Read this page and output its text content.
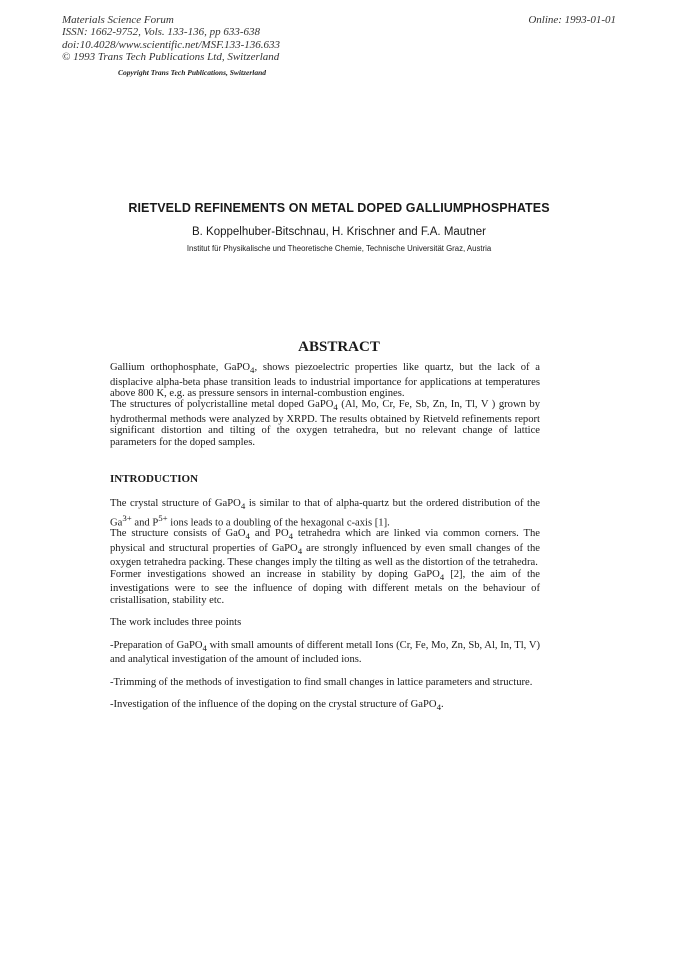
Materials Science Forum
ISSN: 1662-9752, Vols. 133-136, pp 633-638
doi:10.4028/www.scientific.net/MSF.133-136.633
© 1993 Trans Tech Publications Ltd, Switzerland
Online: 1993-01-01
Copyright Trans Tech Publications, Switzerland
RIETVELD REFINEMENTS ON METAL DOPED GALLIUMPHOSPHATES
B. Koppelhuber-Bitschnau, H. Krischner and F.A. Mautner
Institut für Physikalische und Theoretische Chemie, Technische Universität Graz, Austria
ABSTRACT

Gallium orthophosphate, GaPO$_4$, shows piezoelectric properties like quartz, but the lack of a displacive alpha-beta phase transition leads to industrial importance for applications at temperatures above 800 K, e.g. as pressure sensors in internal-combustion engines.

The structures of polycristalline metal doped GaPO$_4$ (Al, Mo, Cr, Fe, Sb, Zn, In, Tl, V ) grown by hydrothermal methods were analyzed by XRPD. The results obtained by Rietveld refinements report significant distortion and tilting of the oxygen tetrahedra, but no relevant change of lattice parameters for the doped samples.

INTRODUCTION

The crystal structure of GaPO$_4$ is similar to that of alpha-quartz but the ordered distribution of the $Ga^{3+}$ and $P^{5+}$ ions leads to a doubling of the hexagonal c-axis [1].

The structure consists of GaO$_4$ and $PO_4$ tetrahedra which are linked via common corners. The physical and structural properties of GaPO$_4$ are strongly influenced by even small changes of the oxygen tetrahedra packing. These changes imply the tilting as well as the distortion of the tetrahedra.

Former investigations showed an increase in stability by doping GaPO$_4$ [2], the aim of the investigations were to see the influence of doping with different metals on the behaviour of cristallisation, stability etc.

The work includes three points

-Preparation of GaPO$_4$ with small amounts of different metall Ions (Cr, Fe, Mo, Zn, Sb, Al, In, Tl, V) and analytical investigation of the amount of included ions.

-Trimming of the methods of investigation to find small changes in lattice parameters and structure.

-Investigation of the influence of the doping on the crystal structure of GaPO$_4$.
